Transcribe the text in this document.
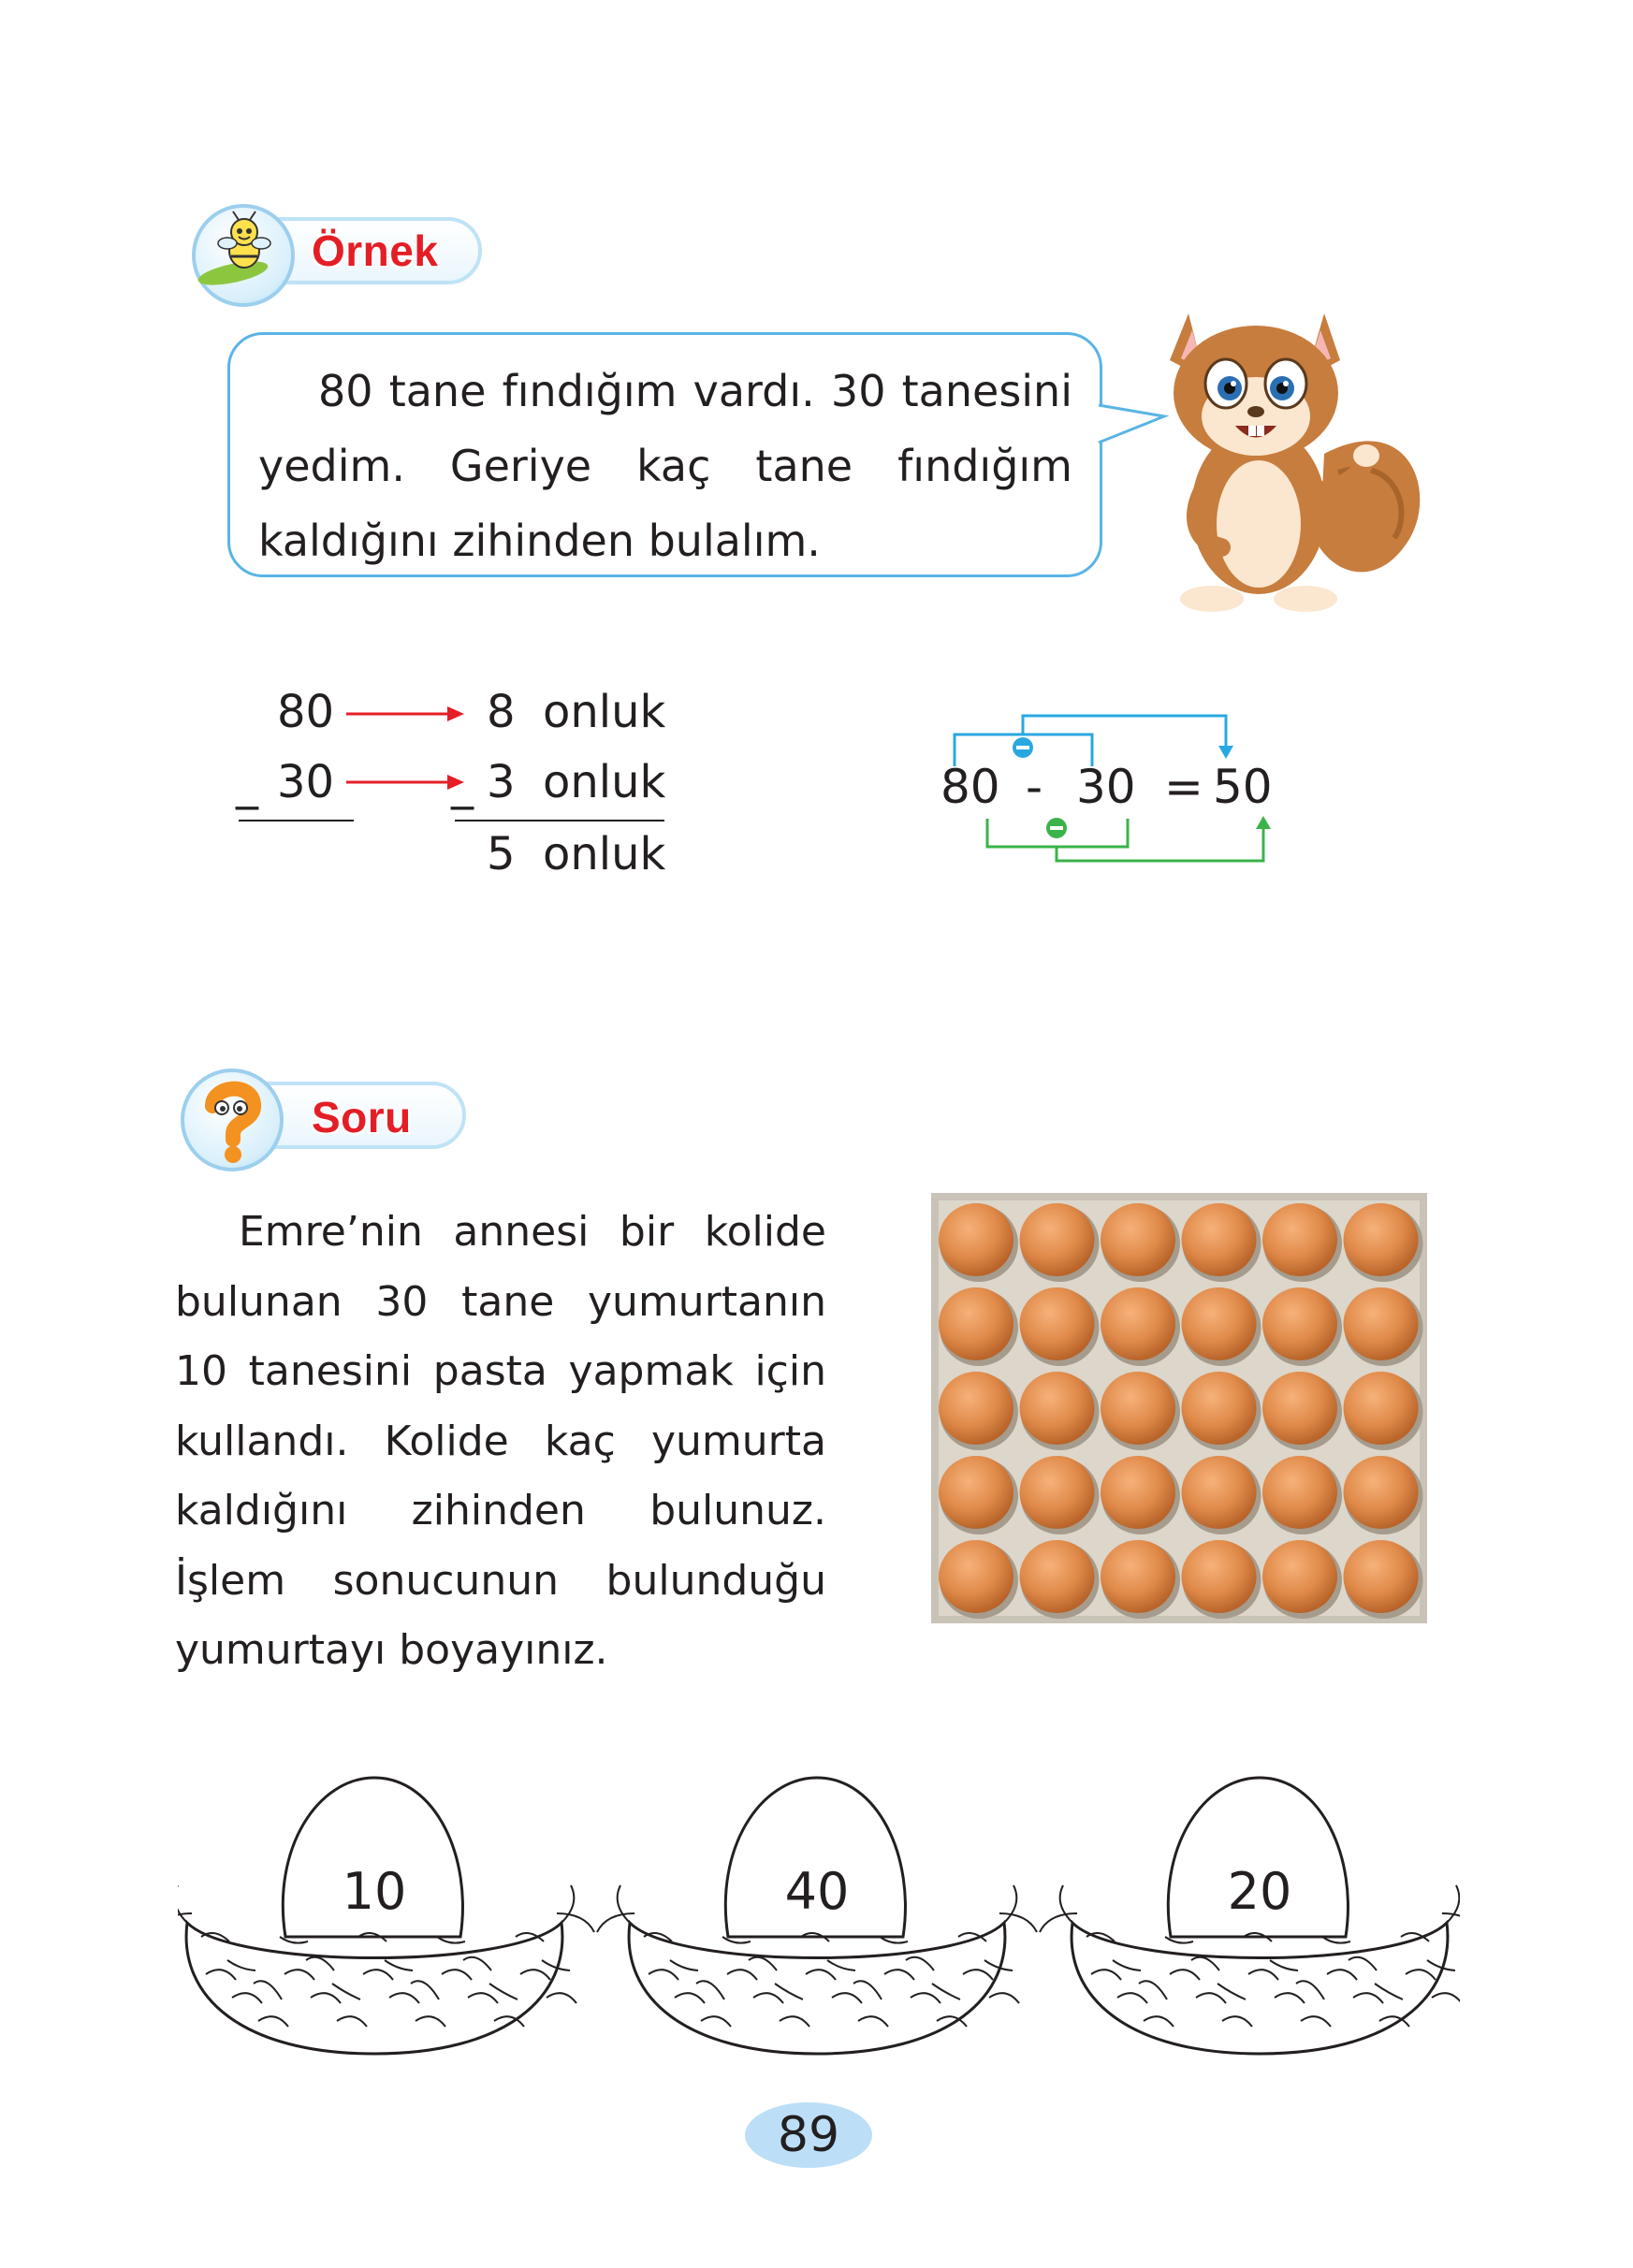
Örnek

80 tane fındığım vardı. 30 tanesini yedim. Geriye kaç tane fındığım kaldığını zihinden bulalım.

80
_ 30
8 onluk
_ 3 onluk
5 onluk
80 - 30 = 50
Soru

Emre’nin annesi bir kolide bulunan 30 tane yumurtanın 10 tanesini pasta yapmak için kullandı. Kolide kaç yumurta kaldığını zihinden bulunuz. İşlem sonucunun bulunduğu yumurtayı boyayınız.

10	40	20
89
